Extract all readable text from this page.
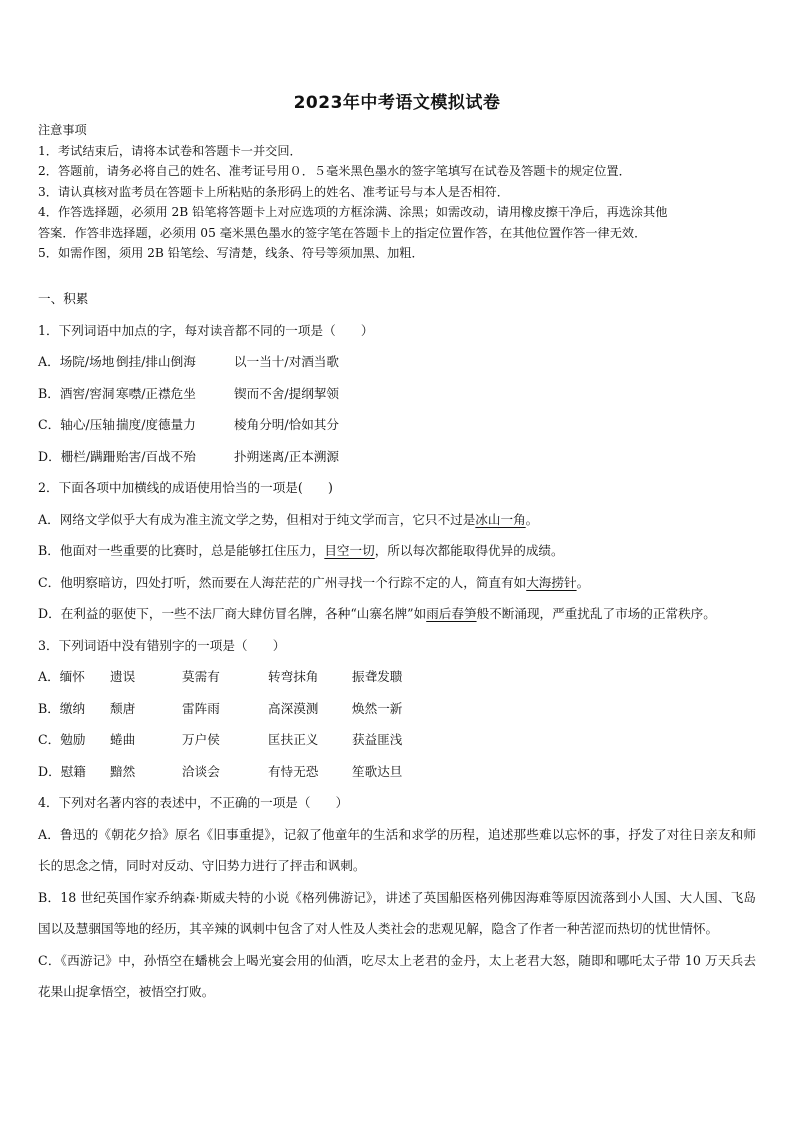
2023年中考语文模拟试卷
注意事项
1．考试结束后，请将本试卷和答题卡一并交回．
2．答题前，请务必将自己的姓名、准考证号用０．５毫米黑色墨水的签字笔填写在试卷及答题卡的规定位置．
3．请认真核对监考员在答题卡上所粘贴的条形码上的姓名、准考证号与本人是否相符．
4．作答选择题，必须用 2B 铅笔将答题卡上对应选项的方框涂满、涂黑；如需改动，请用橡皮擦干净后，再选涂其他
答案．作答非选择题，必须用 05 毫米黑色墨水的签字笔在答题卡上的指定位置作答，在其他位置作答一律无效．
5．如需作图，须用 2B 铅笔绘、写清楚，线条、符号等须加黑、加粗．
一、积累
1．下列词语中加点的字，每对读音都不同的一项是（　　）
A．场院/场地 倒挂/排山倒海	以一当十/对酒当歌
B．酒窖/窖洞 寒噤/正襟危坐	锲而不舍/提纲挈领
C．轴心/压轴 揣度/度德量力	棱角分明/恰如其分
D．栅栏/蹒跚 贻害/百战不殆	扑朔迷离/正本溯源
2．下面各项中加横线的成语使用恰当的一项是(　　)
A．网络文学似乎大有成为准主流文学之势，但相对于纯文学而言，它只不过是冰山一角。
B．他面对一些重要的比赛时，总是能够扛住压力，目空一切，所以每次都能取得优异的成绩。
C．他明察暗访，四处打听，然而要在人海茫茫的广州寻找一个行踪不定的人，简直有如大海捞针。
D．在利益的驱使下，一些不法厂商大肆仿冒名牌，各种“山寨名牌”如雨后春笋般不断涌现，严重扰乱了市场的正常秩序。
3．下列词语中没有错别字的一项是（　　）
A．缅怀	遗误	莫需有	转弯抹角	振聋发聩
B．缴纳	颓唐	雷阵雨	高深漠测	焕然一新
C．勉励	蜷曲	万户侯	匡扶正义	获益匪浅
D．慰籍	黯然	洽谈会	有恃无恐	笙歌达旦
4．下列对名著内容的表述中，不正确的一项是（　　）
A．鲁迅的《朝花夕拾》原名《旧事重提》，记叙了他童年的生活和求学的历程，追述那些难以忘怀的事，抒发了对往日亲友和师长的思念之情，同时对反动、守旧势力进行了抨击和讽刺。
B．18 世纪英国作家乔纳森·斯威夫特的小说《格列佛游记》，讲述了英国船医格列佛因海难等原因流落到小人国、大人国、飞岛国以及慧骃国等地的经历，其辛辣的讽刺中包含了对人性及人类社会的悲观见解，隐含了作者一种苦涩而热切的忧世情怀。
C．《西游记》中，孙悟空在蟠桃会上喝光宴会用的仙酒，吃尽太上老君的金丹，太上老君大怒，随即和哪吒太子带 10 万天兵去花果山捉拿悟空，被悟空打败。
